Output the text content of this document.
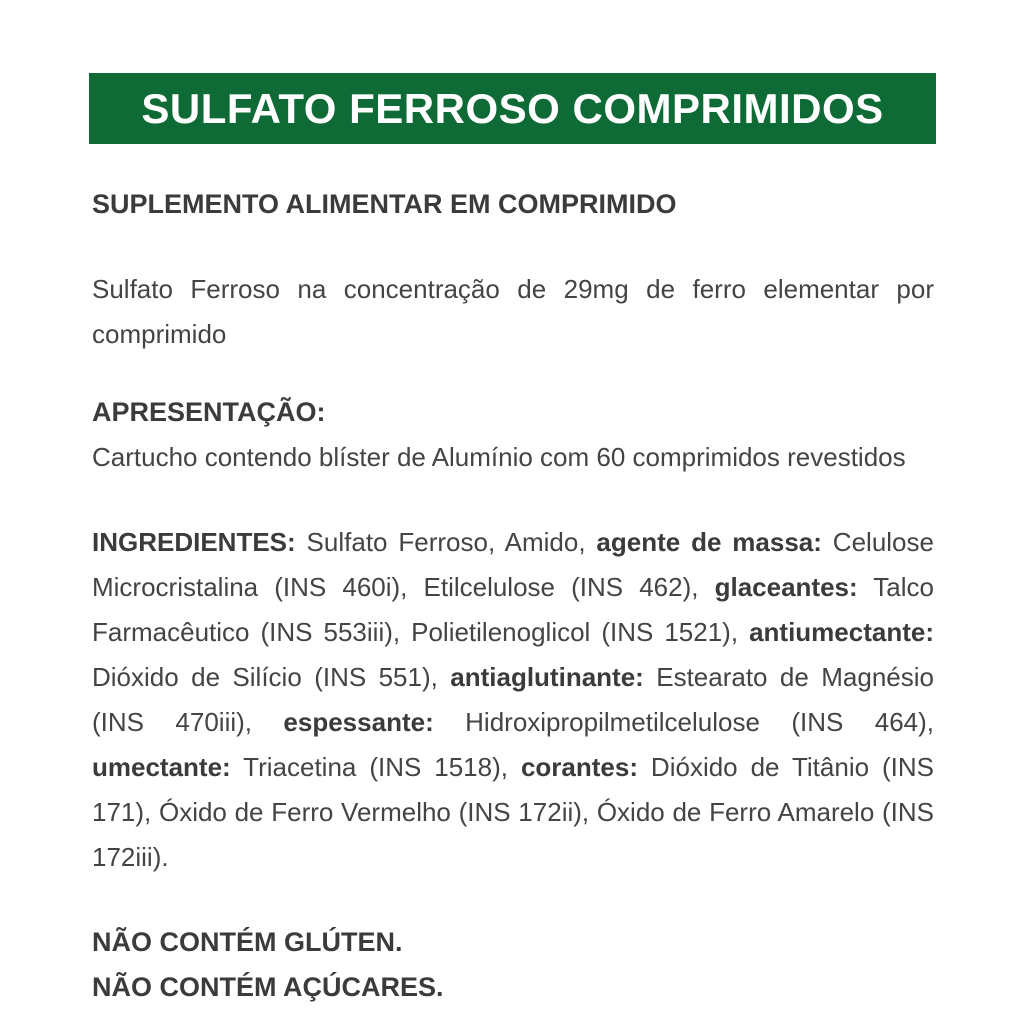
SULFATO FERROSO COMPRIMIDOS
SUPLEMENTO ALIMENTAR EM COMPRIMIDO

Sulfato Ferroso na concentração de 29mg de ferro elementar por comprimido

APRESENTAÇÃO:

Cartucho contendo blíster de Alumínio com 60 comprimidos revestidos

INGREDIENTES: Sulfato Ferroso, Amido, agente de massa: Celulose Microcristalina (INS 460i), Etilcelulose (INS 462), glaceantes: Talco Farmacêutico (INS 553iii), Polietilenoglicol (INS 1521), antiumectante: Dióxido de Silício (INS 551), antiaglutinante: Estearato de Magnésio (INS 470iii), espessante: Hidroxipropilmetilcelulose (INS 464), umectante: Triacetina (INS 1518), corantes: Dióxido de Titânio (INS 171), Óxido de Ferro Vermelho (INS 172ii), Óxido de Ferro Amarelo (INS 172iii).

NÃO CONTÉM GLÚTEN.

NÃO CONTÉM AÇÚCARES.
